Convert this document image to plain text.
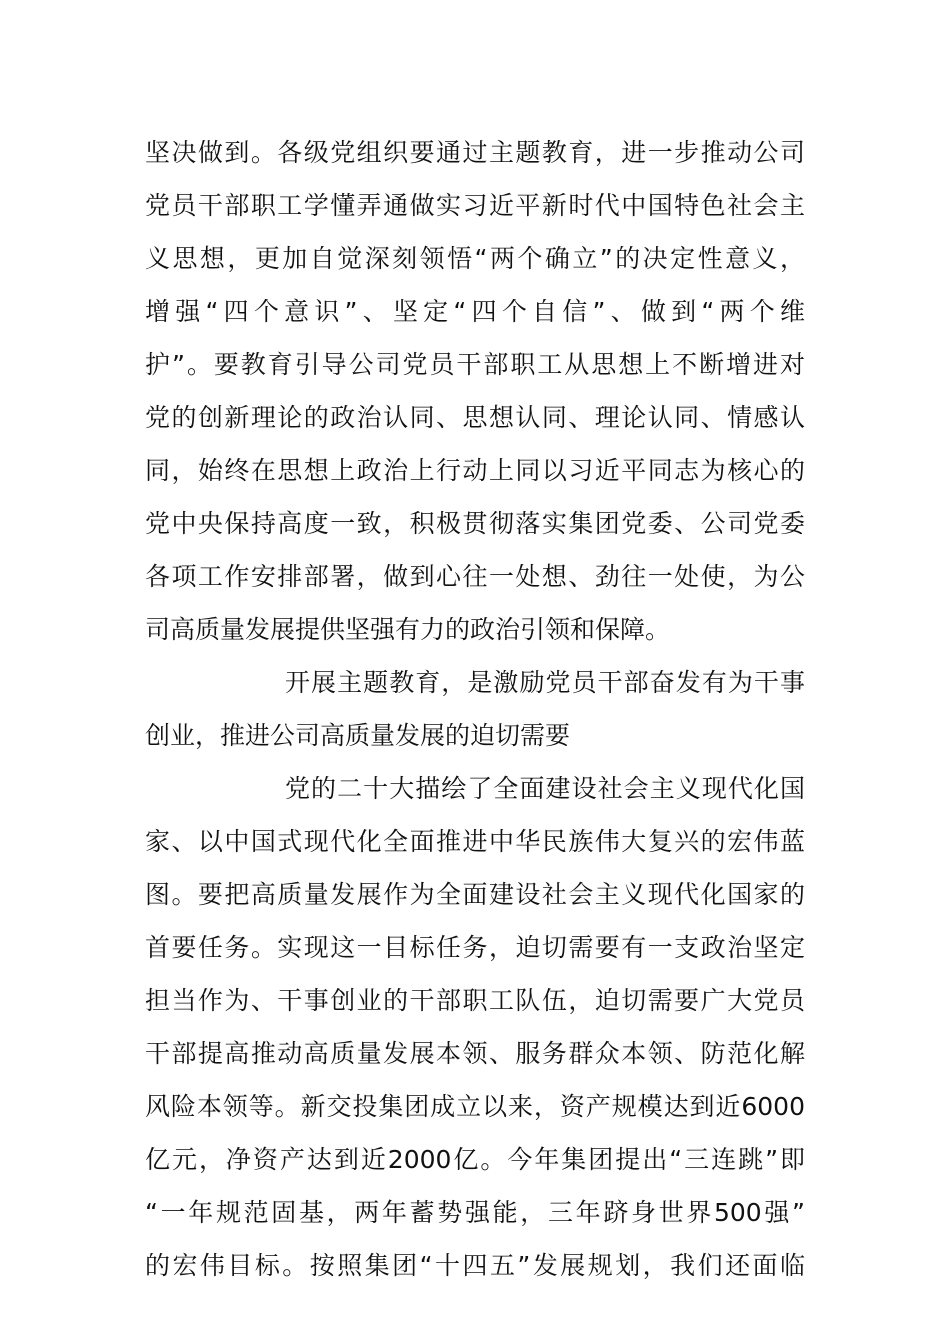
坚决做到。各级党组织要通过主题教育，进一步推动公司
党员干部职工学懂弄通做实习近平新时代中国特色社会主
义思想，更加自觉深刻领悟“两个确立”的决定性意义，
增强“四个意识”、坚定“四个自信”、做到“两个维
护”。要教育引导公司党员干部职工从思想上不断增进对
党的创新理论的政治认同、思想认同、理论认同、情感认
同，始终在思想上政治上行动上同以习近平同志为核心的
党中央保持高度一致，积极贯彻落实集团党委、公司党委
各项工作安排部署，做到心往一处想、劲往一处使，为公
司高质量发展提供坚强有力的政治引领和保障。
开展主题教育，是激励党员干部奋发有为干事
创业，推进公司高质量发展的迫切需要
党的二十大描绘了全面建设社会主义现代化国
家、以中国式现代化全面推进中华民族伟大复兴的宏伟蓝
图。要把高质量发展作为全面建设社会主义现代化国家的
首要任务。实现这一目标任务，迫切需要有一支政治坚定
担当作为、干事创业的干部职工队伍，迫切需要广大党员
干部提高推动高质量发展本领、服务群众本领、防范化解
风险本领等。新交投集团成立以来，资产规模达到近6000
亿元，净资产达到近2000亿。今年集团提出“三连跳”即
“一年规范固基，两年蓄势强能，三年跻身世界500强”
的宏伟目标。按照集团“十四五”发展规划，我们还面临
